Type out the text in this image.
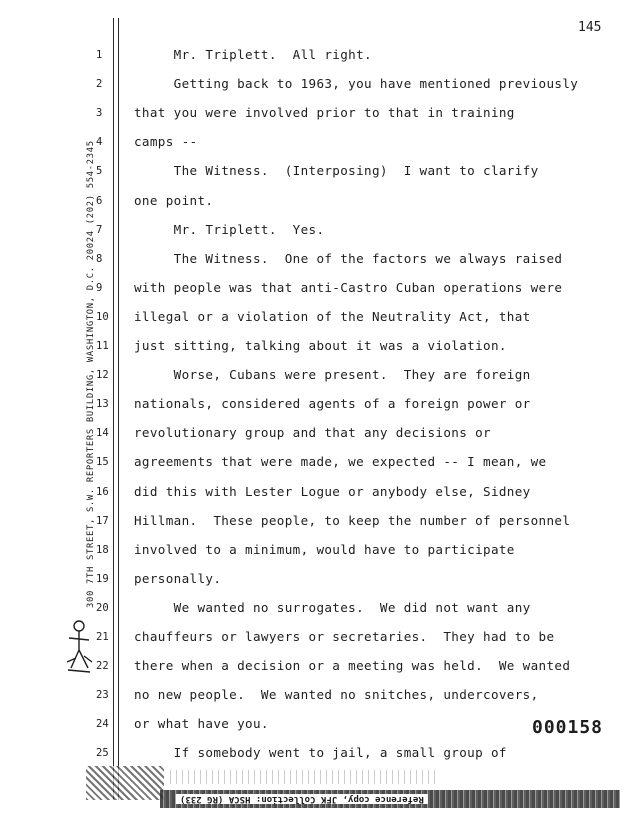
145
300 7TH STREET, S.W. REPORTERS BUILDING, WASHINGTON, D.C. 20024 (202) 554-2345
1	Mr. Triplett.  All right.
2	Getting back to 1963, you have mentioned previously
3	that you were involved prior to that in training
4	camps --
5	The Witness.  (Interposing)  I want to clarify
6	one point.
7	Mr. Triplett.  Yes.
8	The Witness.  One of the factors we always raised
9	with people was that anti-Castro Cuban operations were
10 illegal or a violation of the Neutrality Act, that
11 just sitting, talking about it was a violation.
12 Worse, Cubans were present.  They are foreign
13 nationals, considered agents of a foreign power or
14 revolutionary group and that any decisions or
15 agreements that were made, we expected -- I mean, we
16 did this with Lester Logue or anybody else, Sidney
17 Hillman.  These people, to keep the number of personnel
18 involved to a minimum, would have to participate
19 personally.
20 We wanted no surrogates.  We did not want any
21 chauffeurs or lawyers or secretaries.  They had to be
22 there when a decision or a meeting was held.  We wanted
23 no new people.  We wanted no snitches, undercovers,
24 or what have you.
25 If somebody went to jail, a small group of
000158
Reference copy, JFK Collection: HSCA (RG 233)
